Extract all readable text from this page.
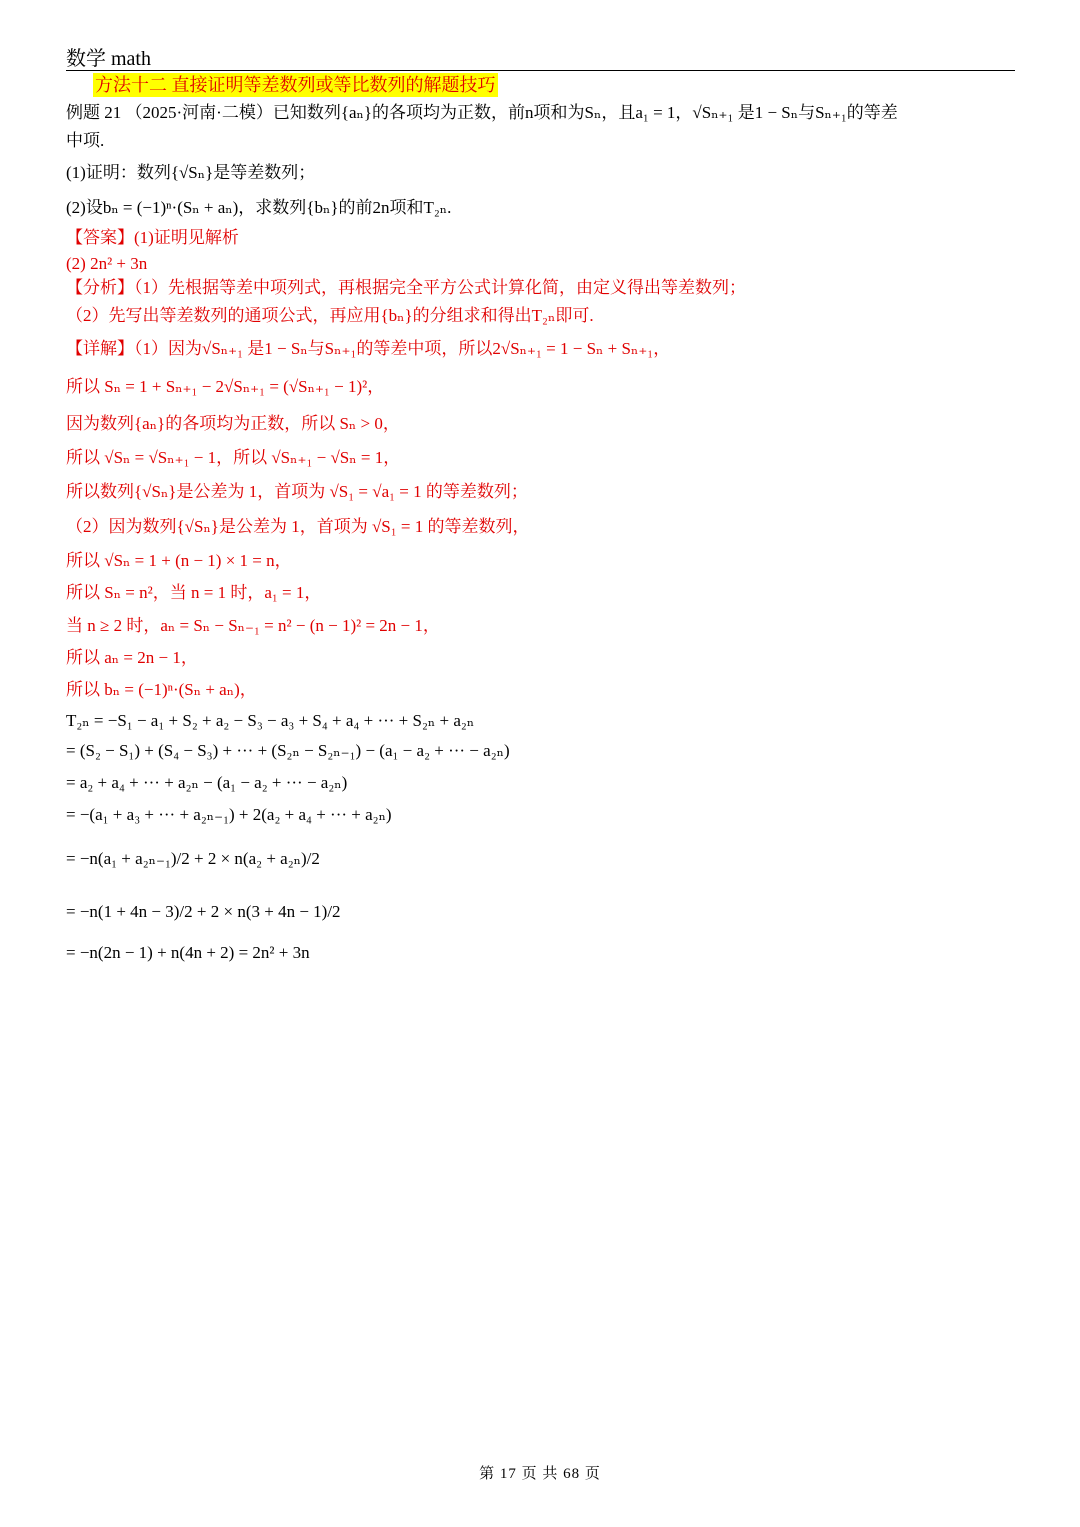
数学 math
方法十二 直接证明等差数列或等比数列的解题技巧
例题 21 （2025·河南·二模）已知数列{aₙ}的各项均为正数，前n项和为Sₙ，且a₁ = 1，√Sₙ₊₁ 是1 − Sₙ与Sₙ₊₁的等差
中项.
(1)证明：数列{√Sₙ}是等差数列；
(2)设bₙ = (−1)ⁿ·(Sₙ + aₙ)，求数列{bₙ}的前2n项和T₂ₙ.
【答案】(1)证明见解析
(2) 2n² + 3n
【分析】（1）先根据等差中项列式，再根据完全平方公式计算化简，由定义得出等差数列；
（2）先写出等差数列的通项公式，再应用{bₙ}的分组求和得出T₂ₙ即可.
【详解】（1）因为√Sₙ₊₁ 是1 − Sₙ与Sₙ₊₁的等差中项，所以2√Sₙ₊₁ = 1 − Sₙ + Sₙ₊₁，
所以 Sₙ = 1 + Sₙ₊₁ − 2√Sₙ₊₁ = (√Sₙ₊₁ − 1)²，
因为数列{aₙ}的各项均为正数，所以 Sₙ > 0，
所以 √Sₙ = √Sₙ₊₁ − 1，所以 √Sₙ₊₁ − √Sₙ = 1，
所以数列{√Sₙ}是公差为 1，首项为 √S₁ = √a₁ = 1 的等差数列；
（2）因为数列{√Sₙ}是公差为 1，首项为 √S₁ = 1 的等差数列，
所以 √Sₙ = 1 + (n − 1) × 1 = n，
所以 Sₙ = n²，当 n = 1 时，a₁ = 1，
当 n ≥ 2 时，aₙ = Sₙ − Sₙ₋₁ = n² − (n − 1)² = 2n − 1，
所以 aₙ = 2n − 1，
所以 bₙ = (−1)ⁿ·(Sₙ + aₙ)，
T₂ₙ = −S₁ − a₁ + S₂ + a₂ − S₃ − a₃ + S₄ + a₄ + ··· + S₂ₙ + a₂ₙ
= (S₂ − S₁) + (S₄ − S₃) + ··· + (S₂ₙ − S₂ₙ₋₁) − (a₁ − a₂ + ··· − a₂ₙ)
= a₂ + a₄ + ··· + a₂ₙ − (a₁ − a₂ + ··· − a₂ₙ)
= −(a₁ + a₃ + ··· + a₂ₙ₋₁) + 2(a₂ + a₄ + ··· + a₂ₙ)
= −n(a₁ + a₂ₙ₋₁)/2 + 2 × n(a₂ + a₂ₙ)/2
= −n(1 + 4n − 3)/2 + 2 × n(3 + 4n − 1)/2
= −n(2n − 1) + n(4n + 2) = 2n² + 3n
第 17 页 共 68 页
